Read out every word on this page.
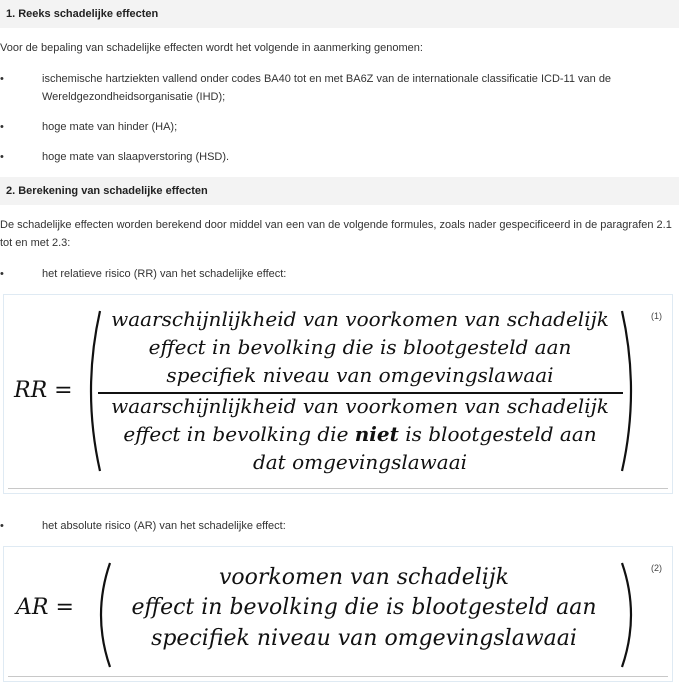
1. Reeks schadelijke effecten
Voor de bepaling van schadelijke effecten wordt het volgende in aanmerking genomen:
•	ischemische hartziekten vallend onder codes BA40 tot en met BA6Z van de internationale classificatie ICD-11 van de Wereldgezondheidsorganisatie (IHD);
•	hoge mate van hinder (HA);
•	hoge mate van slaapverstoring (HSD).
2. Berekening van schadelijke effecten
De schadelijke effecten worden berekend door middel van een van de volgende formules, zoals nader gespecificeerd in de paragrafen 2.1 tot en met 2.3:
•	het relatieve risico (RR) van het schadelijke effect:
RR =
waarschijnlijkheid van voorkomen van schadelijk
effect in bevolking die is blootgesteld aan
specifiek niveau van omgevingslawaai
waarschijnlijkheid van voorkomen van schadelijk
effect in bevolking die niet is blootgesteld aan
dat omgevingslawaai
(1)
•	het absolute risico (AR) van het schadelijke effect:
AR =
voorkomen van schadelijk
effect in bevolking die is blootgesteld aan
specifiek niveau van omgevingslawaai
(2)
